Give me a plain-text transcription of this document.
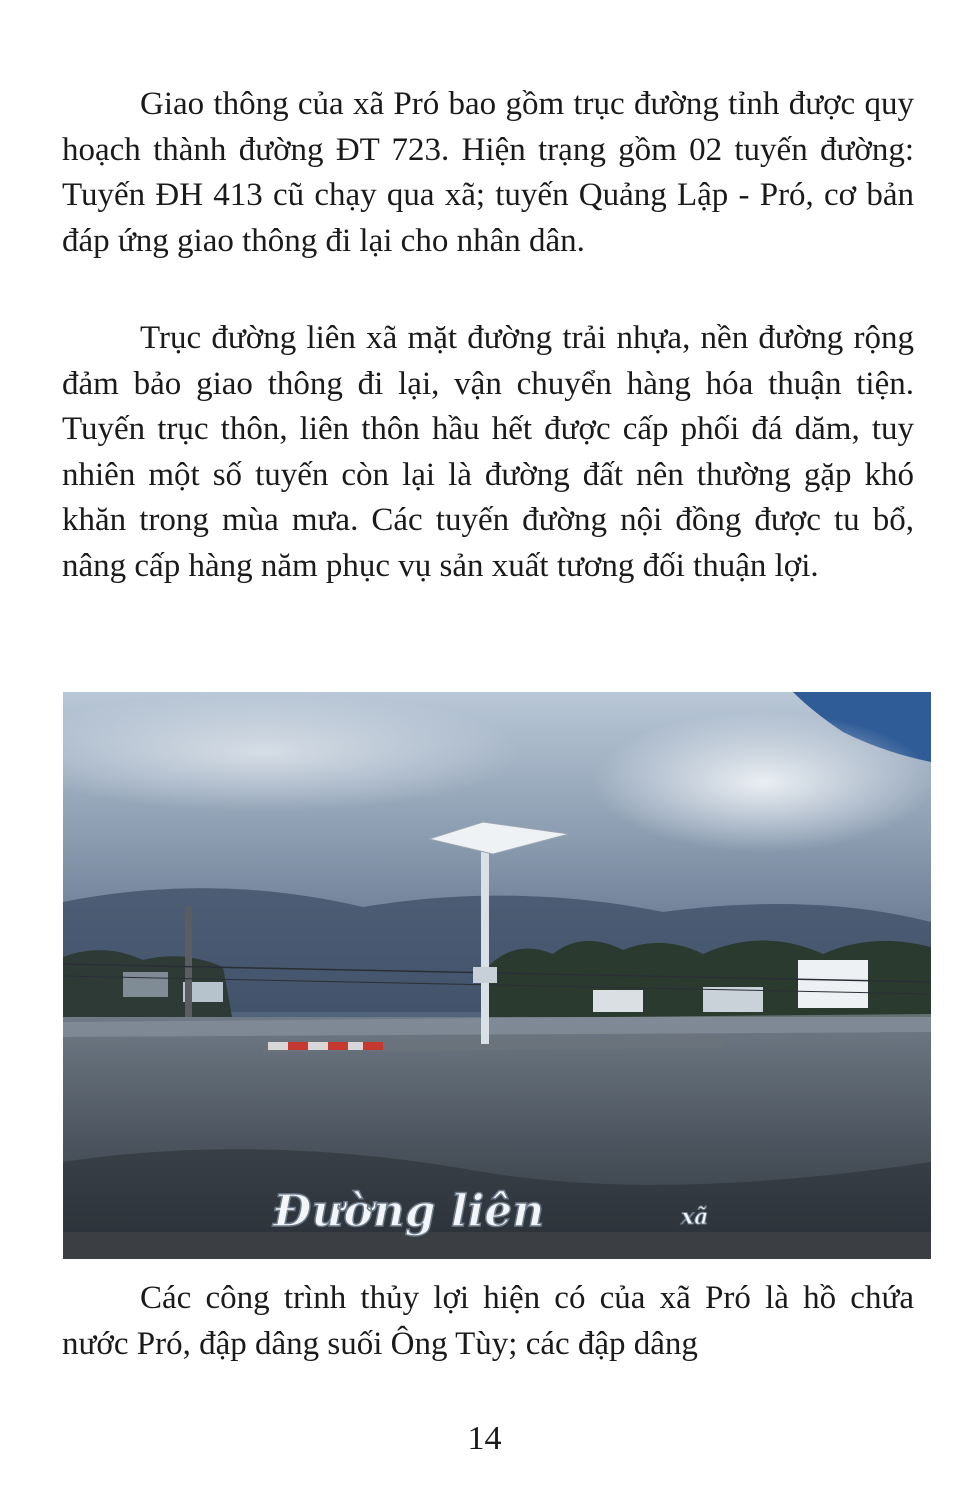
Giao thông của xã Pró bao gồm trục đường tỉnh được quy hoạch thành đường ĐT 723. Hiện trạng gồm 02 tuyến đường: Tuyến ĐH 413 cũ chạy qua xã; tuyến Quảng Lập - Pró, cơ bản đáp ứng giao thông đi lại cho nhân dân.

Trục đường liên xã mặt đường trải nhựa, nền đường rộng đảm bảo giao thông đi lại, vận chuyển hàng hóa thuận tiện. Tuyến trục thôn, liên thôn hầu hết được cấp phối đá dăm, tuy nhiên một số tuyến còn lại là đường đất nên thường gặp khó khăn trong mùa mưa. Các tuyến đường nội đồng được tu bổ, nâng cấp hàng năm phục vụ sản xuất tương đối thuận lợi.

Đường liên	xã

Các công trình thủy lợi hiện có của xã Pró là hồ chứa nước Pró, đập dâng suối Ông Tùy; các đập dâng

14
